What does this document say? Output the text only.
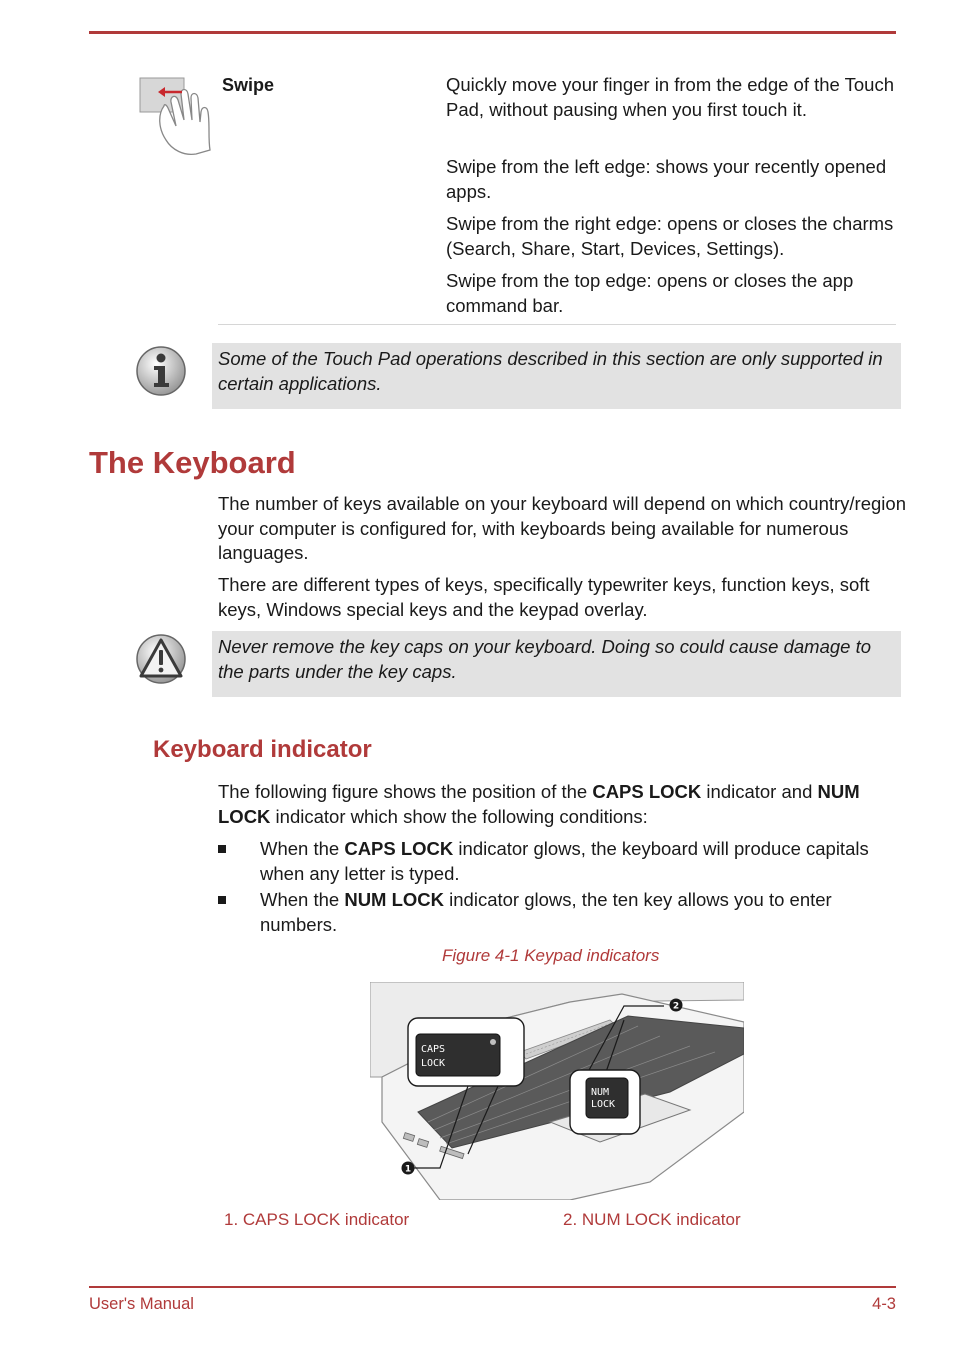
Swipe	Quickly move your finger in from the edge of the Touch Pad, without pausing when you first touch it.

Swipe from the left edge: shows your recently opened apps.

Swipe from the right edge: opens or closes the charms (Search, Share, Start, Devices, Settings).

Swipe from the top edge: opens or closes the app command bar.

Some of the Touch Pad operations described in this section are only supported in certain applications.
The Keyboard

The number of keys available on your keyboard will depend on which country/region your computer is configured for, with keyboards being available for numerous languages.

There are different types of keys, specifically typewriter keys, function keys, soft keys, Windows special keys and the keypad overlay.

Never remove the key caps on your keyboard. Doing so could cause damage to the parts under the key caps.
Keyboard indicator

The following figure shows the position of the CAPS LOCK indicator and NUM LOCK indicator which show the following conditions:

When the CAPS LOCK indicator glows, the keyboard will produce capitals when any letter is typed.

When the NUM LOCK indicator glows, the ten key allows you to enter numbers.

Figure 4-1 Keypad indicators
CAPS
LOCK
NUM
LOCK
1
2
1. CAPS LOCK indicator	2. NUM LOCK indicator
User's Manual	4-3
